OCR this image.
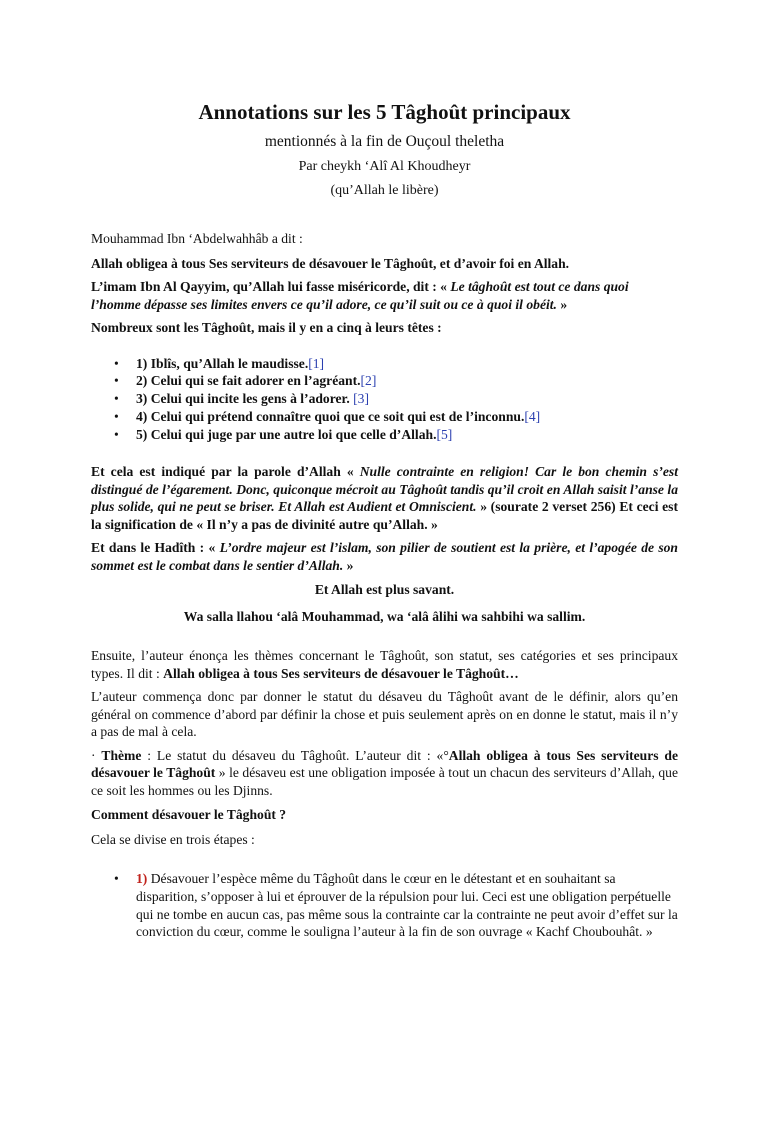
Annotations sur les 5 Tâghoût principaux
mentionnés à la fin de Ouçoul theletha
Par cheykh ‘Alî Al Khoudheyr
(qu’Allah le libère)

Mouhammad Ibn ‘Abdelwahhâb a dit :

Allah obligea à tous Ses serviteurs de désavouer le Tâghoût, et d’avoir foi en Allah.

L’imam Ibn Al Qayyim, qu’Allah lui fasse miséricorde, dit : « Le tâghoût est tout ce dans quoi l’homme dépasse ses limites envers ce qu’il adore, ce qu’il suit ou ce à quoi il obéit. »

Nombreux sont les Tâghoût, mais il y en a cinq à leurs têtes :

• 1) Iblîs, qu’Allah le maudisse.[1]
• 2) Celui qui se fait adorer en l’agréant.[2]
• 3) Celui qui incite les gens à l’adorer. [3]
• 4) Celui qui prétend connaître quoi que ce soit qui est de l’inconnu.[4]
• 5) Celui qui juge par une autre loi que celle d’Allah.[5]

Et cela est indiqué par la parole d’Allah « Nulle contrainte en religion! Car le bon chemin s’est distingué de l’égarement. Donc, quiconque mécroit au Tâghoût tandis qu’il croit en Allah saisit l’anse la plus solide, qui ne peut se briser. Et Allah est Audient et Omniscient. » (sourate 2 verset 256) Et ceci est la signification de « Il n’y a pas de divinité autre qu’Allah. »

Et dans le Hadîth : « L’ordre majeur est l’islam, son pilier de soutient est la prière, et l’apogée de son sommet est le combat dans le sentier d’Allah. »

Et Allah est plus savant.

Wa salla llahou ‘alâ Mouhammad, wa ‘alâ âlihi wa sahbihi wa sallim.

Ensuite, l’auteur énonça les thèmes concernant le Tâghoût, son statut, ses catégories et ses principaux types. Il dit : Allah obligea à tous Ses serviteurs de désavouer le Tâghoût…

L’auteur commença donc par donner le statut du désaveu du Tâghoût avant de le définir, alors qu’en général on commence d’abord par définir la chose et puis seulement après on en donne le statut, mais il n’y a pas de mal à cela.

· Thème : Le statut du désaveu du Tâghoût. L’auteur dit : «°Allah obligea à tous Ses serviteurs de désavouer le Tâghoût » le désaveu est une obligation imposée à tout un chacun des serviteurs d’Allah, que ce soit les hommes ou les Djinns.

Comment désavouer le Tâghoût ?

Cela se divise en trois étapes :

• 1) Désavouer l’espèce même du Tâghoût dans le cœur en le détestant et en souhaitant sa disparition, s’opposer à lui et éprouver de la répulsion pour lui. Ceci est une obligation perpétuelle qui ne tombe en aucun cas, pas même sous la contrainte car la contrainte ne peut avoir d’effet sur la conviction du cœur, comme le souligna l’auteur à la fin de son ouvrage « Kachf Choubouhât. »
